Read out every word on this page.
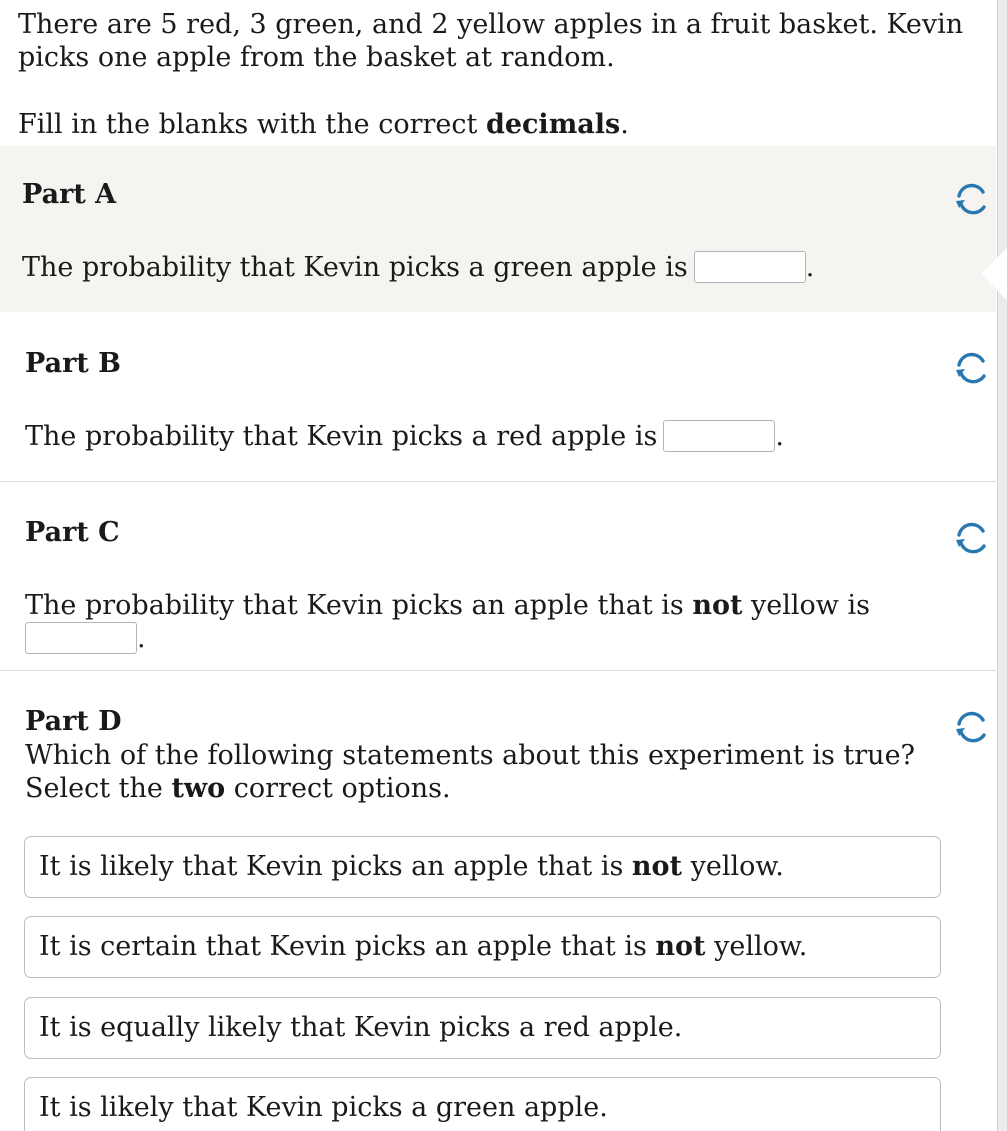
There are 5 red, 3 green, and 2 yellow apples in a fruit basket. Kevin picks one apple from the basket at random.
Fill in the blanks with the correct decimals.
Part A
The probability that Kevin picks a green apple is	.
Part B
The probability that Kevin picks a red apple is	.
Part C
The probability that Kevin picks an apple that is not yellow is
.
Part D
Which of the following statements about this experiment is true?
Select the two correct options.
It is likely that Kevin picks an apple that is not yellow.
It is certain that Kevin picks an apple that is not yellow.
It is equally likely that Kevin picks a red apple.
It is likely that Kevin picks a green apple.
